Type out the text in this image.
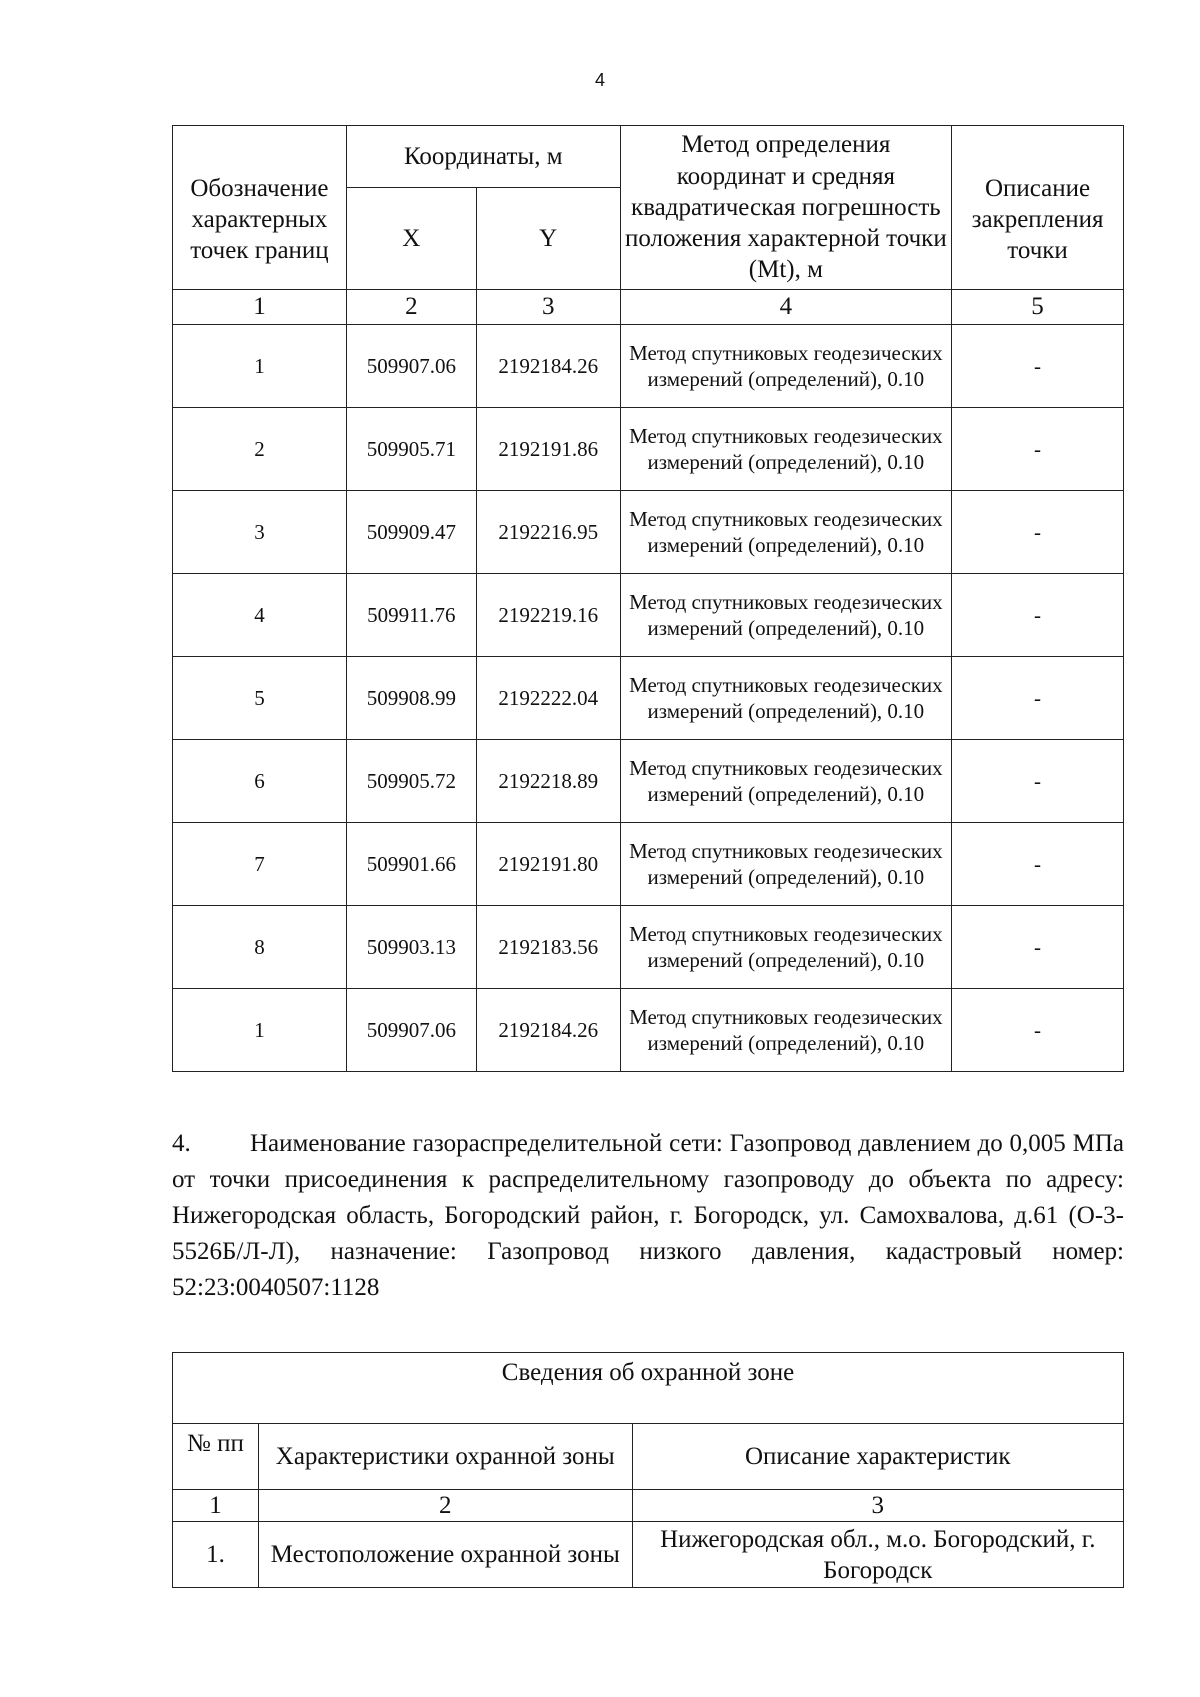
4
Обозначение характерных точек границ	Координаты, м		Метод определения координат и средняя квадратическая погрешность положения характерной точки (Mt), м	Описание закрепления точки
	X	Y		
1	2	3	4	5
1	509907.06	2192184.26	Метод спутниковых геодезических измерений (определений), 0.10	-
2	509905.71	2192191.86	Метод спутниковых геодезических измерений (определений), 0.10	-
3	509909.47	2192216.95	Метод спутниковых геодезических измерений (определений), 0.10	-
4	509911.76	2192219.16	Метод спутниковых геодезических измерений (определений), 0.10	-
5	509908.99	2192222.04	Метод спутниковых геодезических измерений (определений), 0.10	-
6	509905.72	2192218.89	Метод спутниковых геодезических измерений (определений), 0.10	-
7	509901.66	2192191.80	Метод спутниковых геодезических измерений (определений), 0.10	-
8	509903.13	2192183.56	Метод спутниковых геодезических измерений (определений), 0.10	-
1	509907.06	2192184.26	Метод спутниковых геодезических измерений (определений), 0.10	-
4. Наименование газораспределительной сети: Газопровод давлением до 0,005 МПа от точки присоединения к распределительному газопроводу до объекта по адресу: Нижегородская область, Богородский район, г. Богородск, ул. Самохвалова, д.61 (О-3-5526Б/Л-Л), назначение: Газопровод низкого давления, кадастровый номер: 52:23:0040507:1128
Сведения об охранной зоне		
№ пп	Характеристики охранной зоны	Описание характеристик
1	2	3
1.	Местоположение охранной зоны	Нижегородская обл., м.о. Богородский, г. Богородск
